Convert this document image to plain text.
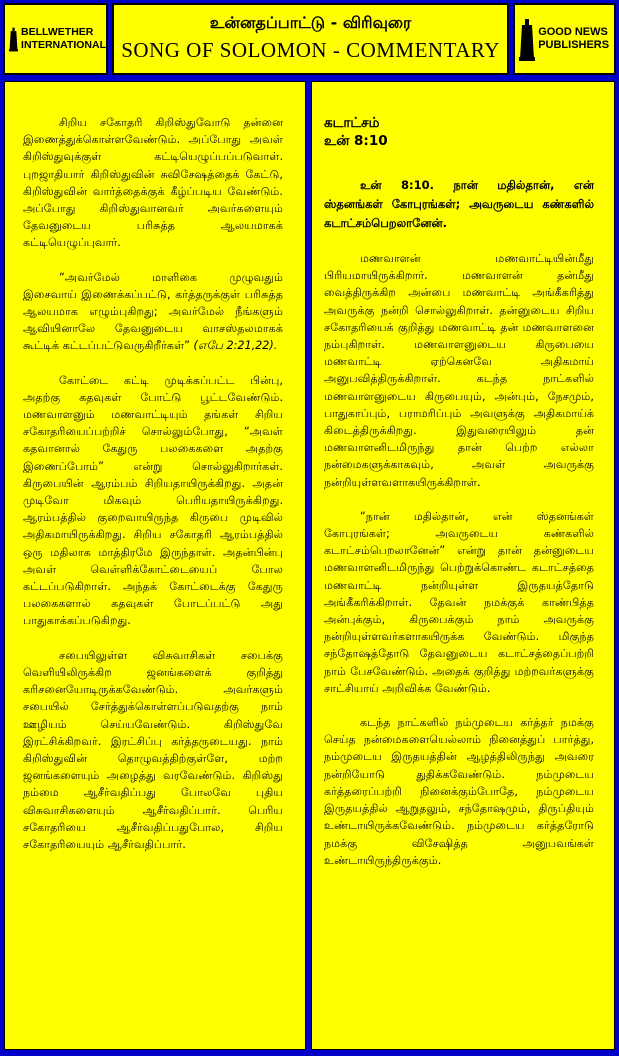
BELLWETHER
INTERNATIONAL
உன்னதப்பாட்டு - விரிவுரை
SONG OF SOLOMON - COMMENTARY
GOOD NEWS
PUBLISHERS

சிறிய சகோதரி கிறிஸ்துவோடு தன்னை இணைத்துக்கொள்ளவேண்டும். அப்போது அவள் கிறிஸ்துவுக்குள் கட்டியெழுப்பப்படுவாள். புறஜாதியார் கிறிஸ்துவின் சுவிசேஷத்தைக் கேட்டு, கிறிஸ்துவின் வார்த்தைக்குக் கீழ்ப்படிய வேண்டும். அப்போது கிறிஸ்துவானவர் அவர்களையும் தேவனுடைய பரிசுத்த ஆலயமாகக் கட்டியெழுப்புவார்.

“அவர்மேல் மாளிகை முழுவதும் இசைவாய் இணைக்கப்பட்டு, கர்த்தருக்குள் பரிசுத்த ஆலயமாக எழும்புகிறது; அவர்மேல் நீங்களும் ஆவியினாலே தேவனுடைய வாசஸ்தலமாகக் கூட்டிக் கட்டப்பட்டுவருகிறீர்கள்” (எபே 2:21,22).

கோட்டை கட்டி முடிக்கப்பட்ட பின்பு, அதற்கு கதவுகள் போட்டு பூட்டவேண்டும். மணவாளனும் மணவாட்டியும் தங்கள் சிறிய சகோதரியைப்பற்றிச் சொல்லும்போது, “அவள் கதவானால் கேதுரு பலகைகளை அதற்கு இணைப்போம்” என்று சொல்லுகிறார்கள். கிருபையின் ஆரம்பம் சிறியதாயிருக்கிறது. அதன் முடிவோ மிகவும் பெரியதாயிருக்கிறது. ஆரம்பத்தில் குறைவாயிருந்த கிருபை முடிவில் அதிகமாயிருக்கிறது. சிறிய சகோதரி ஆரம்பத்தில் ஒரு மதிலாக மாத்திரமே இருந்தாள். அதன்பின்பு அவள் வெள்ளிக்கோட்டையைப் போல கட்டப்படுகிறாள். அந்தக் கோட்டைக்கு கேதுரு பலகைகளால் கதவுகள் போடப்பட்டு அது பாதுகாக்கப்படுகிறது.

சபையிலுள்ள விசுவாசிகள் சபைக்கு வெளியிலிருக்கிற ஜனங்களைக் குறித்து கரிசனையோடிருக்கவேண்டும். அவர்களும் சபையில் சேர்த்துக்கொள்ளப்படுவதற்கு நாம் ஊழியம் செய்யவேண்டும். கிறிஸ்துவே இரட்சிக்கிறவர். இரட்சிப்பு கர்த்தருடையது. நாம் கிறிஸ்துவின் தொழுவத்திற்குள்ளே, மற்ற ஜனங்களையும் அழைத்து வரவேண்டும். கிறிஸ்து நம்மை ஆசீர்வதிப்பது போலவே புதிய விசுவாசிகளையும் ஆசீர்வதிப்பார். பெரிய சகோதரியை ஆசீர்வதிப்பதுபோல, சிறிய சகோதரியையும் ஆசீர்வதிப்பார்.

கடாட்சம்
உன் 8:10

உன் 8:10. நான் மதில்தான், என் ஸ்தனங்கள் கோபுரங்கள்; அவருடைய கண்களில் கடாட்சம்பெறலானேன்.

மணவாளன் மணவாட்டியின்மீது பிரியமாயிருக்கிறார். மணவாளன் தன்மீது வைத்திருக்கிற அன்பை மணவாட்டி அங்கீகரித்து அவருக்கு நன்றி சொல்லுகிறாள். தன்னுடைய சிறிய சகோதரியைக் குறித்து மணவாட்டி தன் மணவாளனை நம்புகிறாள். மணவாளனுடைய கிருபையை மணவாட்டி ஏற்கெனவே அதிகமாய் அனுபவித்திருக்கிறாள். கடந்த நாட்களில் மணவாளனுடைய கிருபையும், அன்பும், நேசமும், பாதுகாப்பும், பராமரிப்பும் அவளுக்கு அதிகமாய்க் கிடைத்திருக்கிறது. இதுவரையிலும் தன் மணவாளனிடமிருந்து தான் பெற்ற எல்லா நன்மைகளுக்காகவும், அவள் அவருக்கு நன்றியுள்ளவளாகயிருக்கிறாள்.

“நான் மதில்தான், என் ஸ்தனங்கள் கோபுரங்கள்; அவருடைய கண்களில் கடாட்சம்பெறலானேன்” என்று தான் தன்னுடைய மணவாளனிடமிருந்து பெற்றுக்கொண்ட கடாட்சத்தை மணவாட்டி நன்றியுள்ள இருதயத்தோடு அங்கீகரிக்கிறாள். தேவன் நமக்குக் காண்பித்த அன்புக்கும், கிருபைக்கும் நாம் அவருக்கு நன்றியுள்ளவர்களாகயிருக்க வேண்டும். மிகுந்த சந்தோஷத்தோடு தேவனுடைய கடாட்சத்தைப்பற்றி நாம் பேசவேண்டும். அதைக் குறித்து மற்றவர்களுக்கு சாட்சியாய் அறிவிக்க வேண்டும்.

கடந்த நாட்களில் நம்முடைய கர்த்தர் நமக்கு செய்த நன்மைகளையெல்லாம் நினைத்துப் பார்த்து, நம்முடைய இருதயத்தின் ஆழத்திலிருந்து அவரை நன்றியோடு துதிக்கவேண்டும். நம்முடைய கர்த்தரைப்பற்றி நினைக்கும்போதே, நம்முடைய இருதயத்தில் ஆறுதலும், சந்தோஷமும், திருப்தியும் உண்டாயிருக்கவேண்டும். நம்முடைய கர்த்தரோடு நமக்கு விசேஷித்த அனுபவங்கள் உண்டாயிருந்திருக்கும்.
